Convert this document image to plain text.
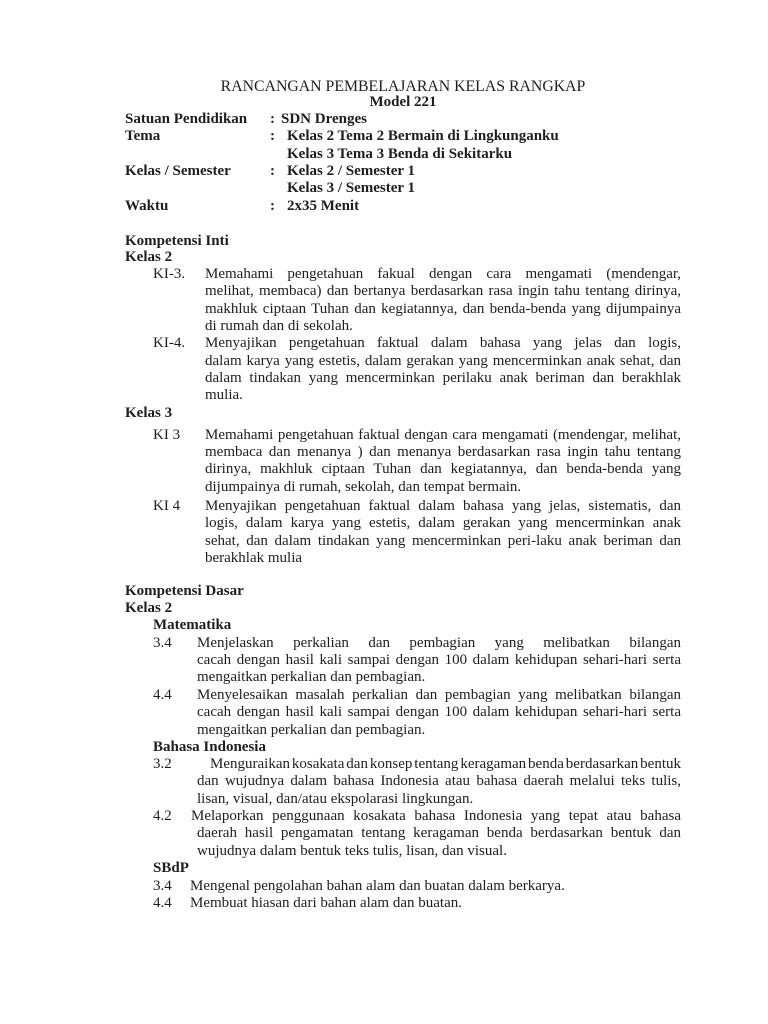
RANCANGAN PEMBELAJARAN KELAS RANGKAP
Model 221
Satuan Pendidikan : SDN Drenges
Tema	: Kelas 2 Tema 2 Bermain di Lingkunganku
Kelas 3 Tema 3 Benda di Sekitarku
Kelas / Semester	: Kelas 2 / Semester 1
Kelas 3 / Semester 1
Waktu	: 2x35 Menit
Kompetensi Inti
Kelas 2
KI-3. Memahami pengetahuan fakual dengan cara mengamati (mendengar,
melihat, membaca) dan bertanya berdasarkan rasa ingin tahu tentang dirinya,
makhluk ciptaan Tuhan dan kegiatannya, dan benda-benda yang dijumpainya
di rumah dan di sekolah.
KI-4. Menyajikan pengetahuan faktual dalam bahasa yang jelas dan logis,
dalam karya yang estetis, dalam gerakan yang mencerminkan anak sehat, dan
dalam tindakan yang mencerminkan perilaku anak beriman dan berakhlak
mulia.
Kelas 3
KI 3 Memahami pengetahuan faktual dengan cara mengamati (mendengar, melihat,
membaca dan menanya ) dan menanya berdasarkan rasa ingin tahu tentang
dirinya, makhluk ciptaan Tuhan dan kegiatannya, dan benda-benda yang
dijumpainya di rumah, sekolah, dan tempat bermain.
KI 4 Menyajikan pengetahuan faktual dalam bahasa yang jelas, sistematis, dan
logis, dalam karya yang estetis, dalam gerakan yang mencerminkan anak
sehat, dan dalam tindakan yang mencerminkan peri-laku anak beriman dan
berakhlak mulia
Kompetensi Dasar
Kelas 2
Matematika
3.4 Menjelaskan perkalian dan pembagian yang melibatkan bilangan
cacah dengan hasil kali sampai dengan 100 dalam kehidupan sehari-hari serta
mengaitkan perkalian dan pembagian.
4.4 Menyelesaikan masalah perkalian dan pembagian yang melibatkan bilangan
cacah dengan hasil kali sampai dengan 100 dalam kehidupan sehari-hari serta
mengaitkan perkalian dan pembagian.
Bahasa Indonesia
3.2	Menguraikan kosakata dan konsep tentang keragaman benda berdasarkan bentuk
dan wujudnya dalam bahasa Indonesia atau bahasa daerah melalui teks tulis,
lisan, visual, dan/atau ekspolarasi lingkungan.
4.2 Melaporkan penggunaan kosakata bahasa Indonesia yang tepat atau bahasa
daerah hasil pengamatan tentang keragaman benda berdasarkan bentuk dan
wujudnya dalam bentuk teks tulis, lisan, dan visual.
SBdP
3.4 Mengenal pengolahan bahan alam dan buatan dalam berkarya.
4.4 Membuat hiasan dari bahan alam dan buatan.
